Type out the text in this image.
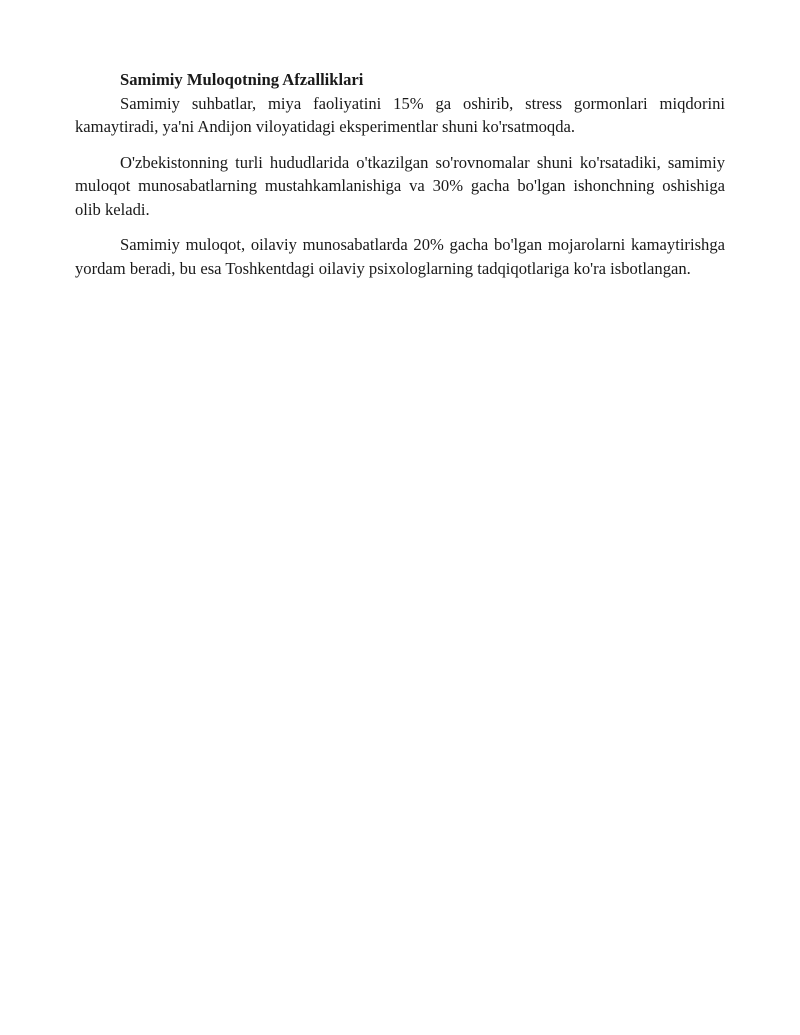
Samimiy Muloqotning Afzalliklari

Samimiy suhbatlar, miya faoliyatini 15% ga oshirib, stress gormonlari miqdorini kamaytiradi, ya'ni Andijon viloyatidagi eksperimentlar shuni ko'rsatmoqda.

O'zbekistonning turli hududlarida o'tkazilgan so'rovnomalar shuni ko'rsatadiki, samimiy muloqot munosabatlarning mustahkamlanishiga va 30% gacha bo'lgan ishonchning oshishiga olib keladi.

Samimiy muloqot, oilaviy munosabatlarda 20% gacha bo'lgan mojarolarni kamaytirishga yordam beradi, bu esa Toshkentdagi oilaviy psixologlarning tadqiqotlariga ko'ra isbotlangan.
